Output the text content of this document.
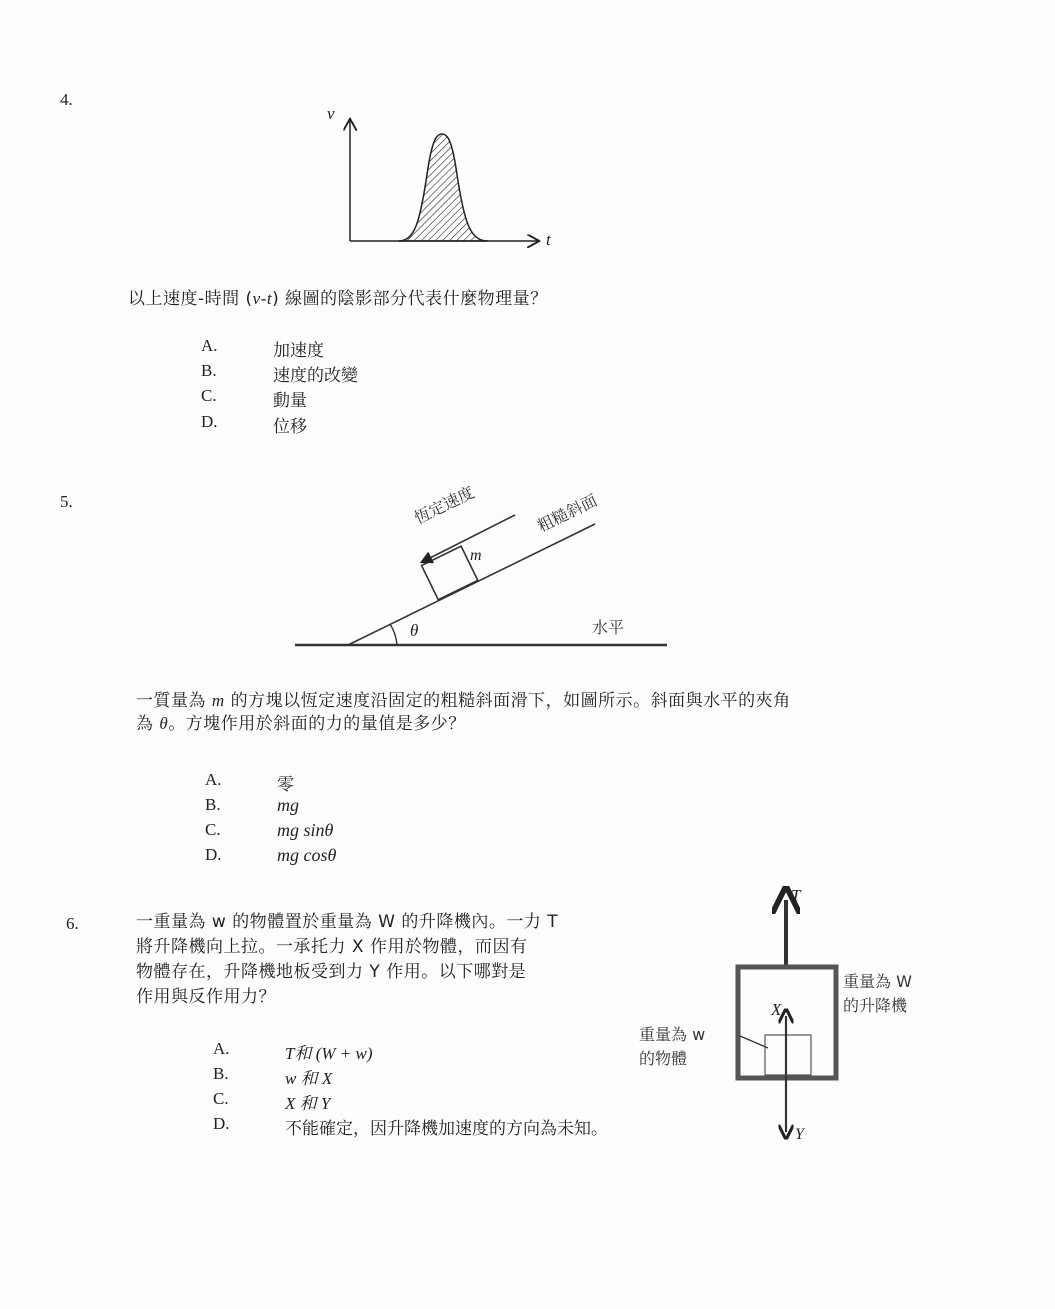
4.
v
t
以上速度-時間 (v-t) 線圖的陰影部分代表什麼物理量？
A.	加速度
B.	速度的改變
C.	動量
D.	位移
5.
m
θ	水平
恆定速度	粗糙斜面
一質量為 m 的方塊以恆定速度沿固定的粗糙斜面滑下，如圖所示。斜面與水平的夾角
為 θ。方塊作用於斜面的力的量值是多少？
A.	零
B.	mg
C.	mg sinθ
D.	mg cosθ
6.	一重量為 w 的物體置於重量為 W 的升降機內。一力 T
將升降機向上拉。一承托力 X 作用於物體，而因有
物體存在，升降機地板受到力 Y 作用。以下哪對是
作用與反作用力？
A.	T和 (W + w)
B.	w 和 X
C.	X 和 Y
D.	不能確定，因升降機加速度的方向為未知。
T
X
Y
重量為 W
的升降機
重量為 w
的物體
